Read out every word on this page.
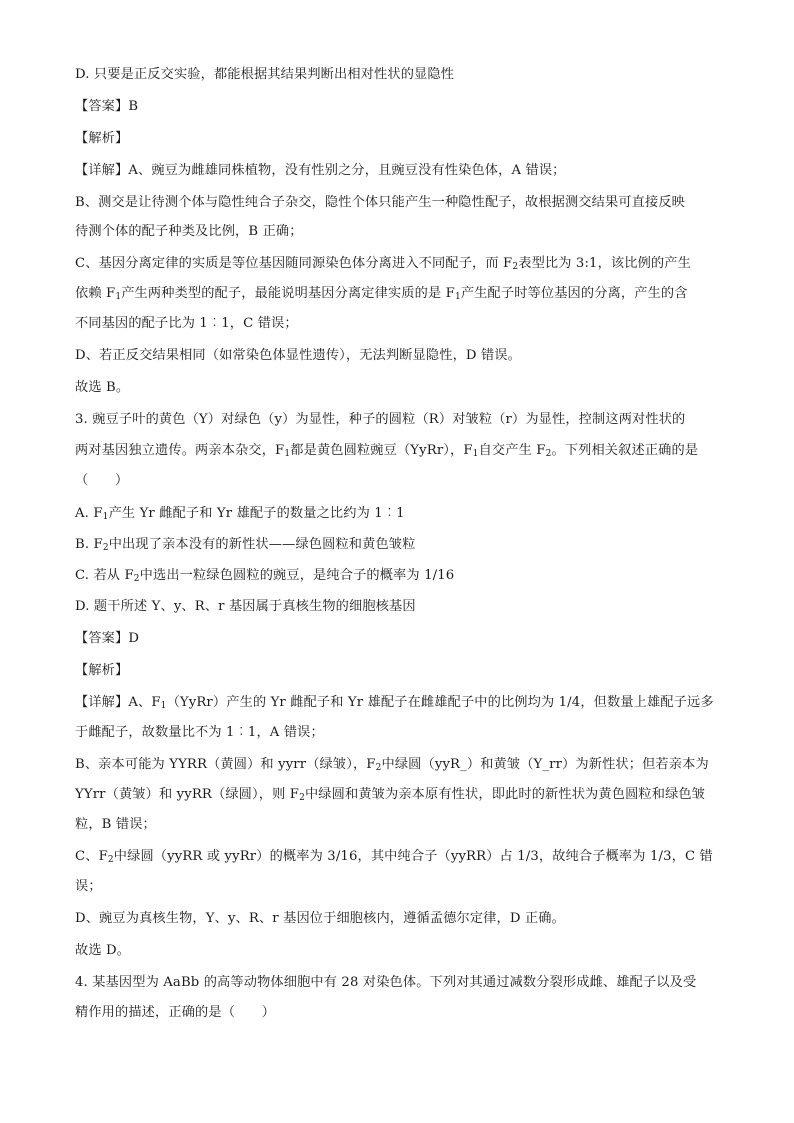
D. 只要是正反交实验，都能根据其结果判断出相对性状的显隐性
【答案】B
【解析】
【详解】A、豌豆为雌雄同株植物，没有性别之分，且豌豆没有性染色体，A 错误；
B、测交是让待测个体与隐性纯合子杂交，隐性个体只能产生一种隐性配子，故根据测交结果可直接反映
待测个体的配子种类及比例，B 正确；
C、基因分离定律的实质是等位基因随同源染色体分离进入不同配子，而 $F_2$表型比为 3:1，该比例的产生
依赖 $F_1$产生两种类型的配子，最能说明基因分离定律实质的是 $F_1$产生配子时等位基因的分离，产生的含
不同基因的配子比为 1︰1，C 错误；
D、若正反交结果相同（如常染色体显性遗传），无法判断显隐性，D 错误。
故选 B。
3. 豌豆子叶的黄色（Y）对绿色（y）为显性，种子的圆粒（R）对皱粒（r）为显性，控制这两对性状的
两对基因独立遗传。两亲本杂交，$F_1$都是黄色圆粒豌豆（YyRr），$F_1$自交产生 $F_2$。下列相关叙述正确的是
（　　）
A. $F_1$产生 Yr 雌配子和 Yr 雄配子的数量之比约为 1︰1
B. $F_2$中出现了亲本没有的新性状——绿色圆粒和黄色皱粒
C. 若从 $F_2$中选出一粒绿色圆粒的豌豆，是纯合子的概率为 1/16
D. 题干所述 Y、y、R、r 基因属于真核生物的细胞核基因
【答案】D
【解析】
【详解】A、$F_1(YyRr)$产生的 Yr 雌配子和 Yr 雄配子在雌雄配子中的比例均为 1/4，但数量上雄配子远多
于雌配子，故数量比不为 1︰1，A 错误；
B、亲本可能为 YYRR（黄圆）和 yyrr（绿皱），$F_2$中绿圆（yyR_）和黄皱（Y_rr）为新性状；但若亲本为
YYrr（黄皱）和 yyRR（绿圆），则 $F_2$中绿圆和黄皱为亲本原有性状，即此时的新性状为黄色圆粒和绿色皱
粒，B 错误；
C、$F_2$中绿圆（yyRR 或 yyRr）的概率为 3/16，其中纯合子（yyRR）占 1/3，故纯合子概率为 1/3，C 错
误；
D、豌豆为真核生物，Y、y、R、r 基因位于细胞核内，遵循孟德尔定律，D 正确。
故选 D。
4. 某基因型为 AaBb 的高等动物体细胞中有 28 对染色体。下列对其通过减数分裂形成雌、雄配子以及受
精作用的描述，正确的是（　　）
